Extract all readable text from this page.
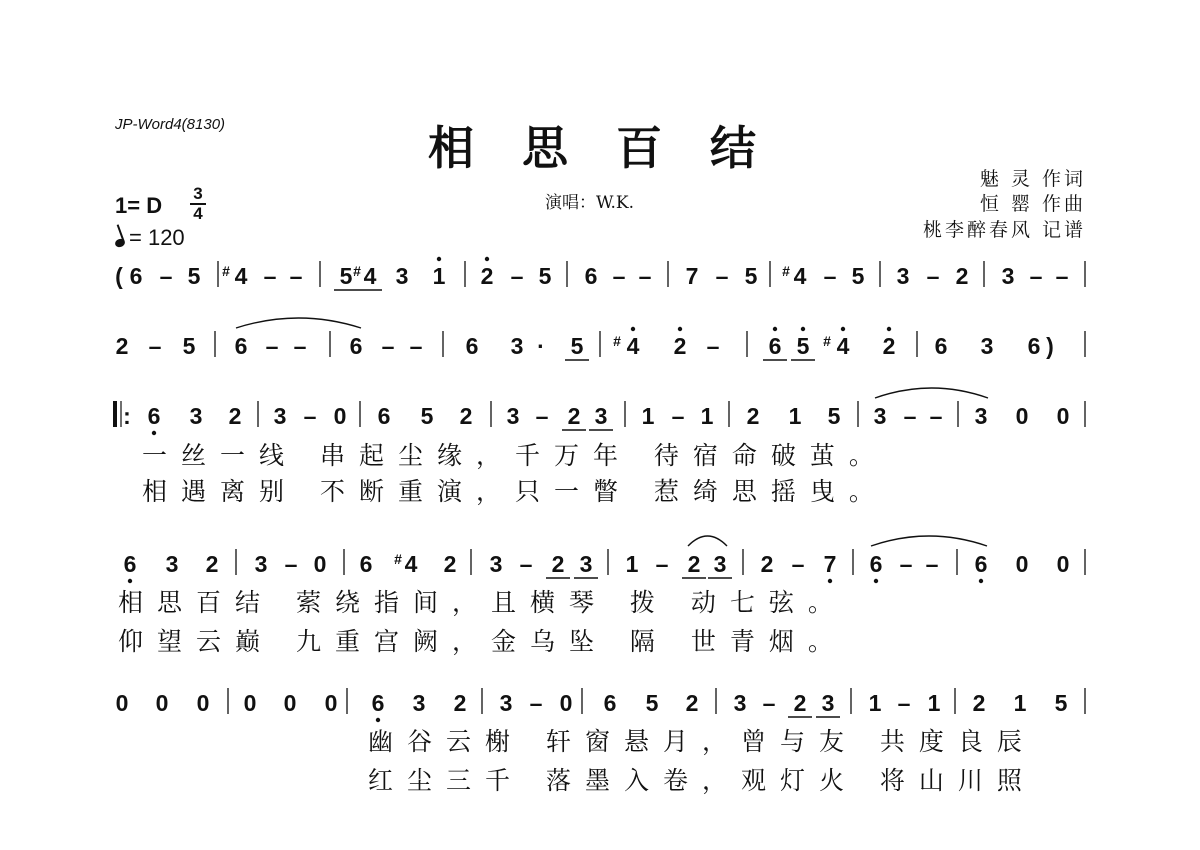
JP-Word4(8130)	相 思 百 结
魅 灵 作词
恒 罂 作曲
桃李醉春风 记谱
演唱：W.K.
1= D 3
4
= 120
( 6 – 5 # 4 – – 5 # 4 3 1 2 – 5 6 – – 7 – 5 # 4 – 5 3 – 2 3 – –
2 – 5 6 – – 6 – – 6 3 · 5 # 4 2 – 6 5 # 4 2 6 3 6 )
: 6 3 2 3 – 0 6 5 2 3 – 2 3 1 – 1 2 1 5 3 – – 3 0 0
6 3 2 3 – 0 6 # 4 2 3 – 2 3 1 – 2 3 2 – 7 6 – – 6 0 0
0 0 0 0 0 0 6 3 2 3 – 0 6 5 2 3 – 2 3 1 – 1 2 1 5
一丝一线 串起尘缘，千万年 待宿命破茧。
相遇离别 不断重演，只一瞥 惹绮思摇曳。
相思百结 萦绕指间，且横琴 拨 动七弦。
仰望云巅 九重宫阙，金乌坠 隔 世青烟。
幽谷云榭 轩窗悬月，曾与友 共度良辰
红尘三千 落墨入卷，观灯火 将山川照
